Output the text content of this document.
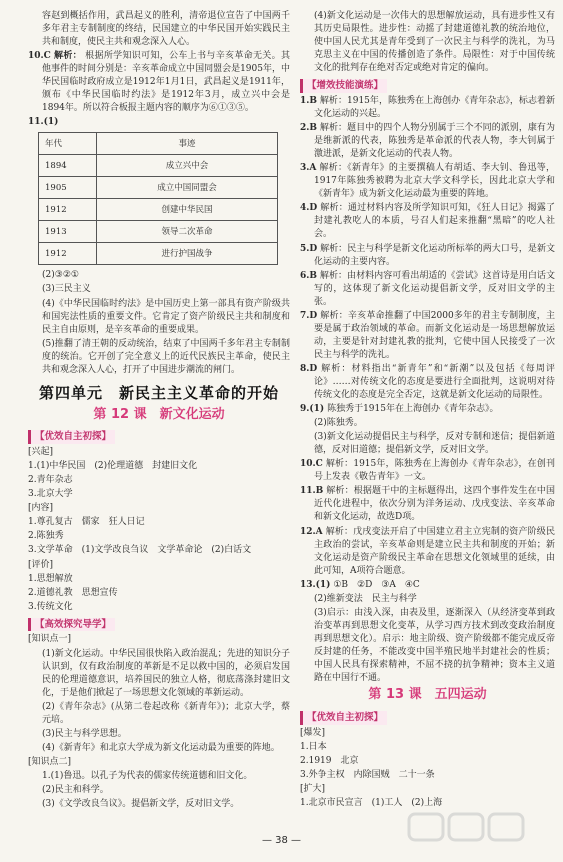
容赵到概括作用，武昌起义的胜利，清帝退位宣告了中国两千多年君主专制制度的终结，民国建立的中华民国开始实践民主共和制度，使民主共和观念深入人心。

10.C 解析： 根据所学知识可知，公车上书与辛亥革命无关。其他事件的时间分别是：辛亥革命成立中国同盟会是1905年，中华民国临时政府成立是1912年1月1日，武昌起义是1911年，颁布《中华民国临时约法》是1912年3月，成立兴中会是1894年。所以符合板报主题内容的顺序为⑥①③⑤。

11.(1)

年代	事迹
1894	成立兴中会
1905	成立中国同盟会
1912	创建中华民国
1913	领导二次革命
1912	进行护国战争

(2)③②①

(3)三民主义

(4)《中华民国临时约法》是中国历史上第一部具有资产阶级共和国宪法性质的重要文件。它肯定了资产阶级民主共和制度和民主自由原则，是辛亥革命的重要成果。

(5)推翻了清王朝的反动统治，结束了中国两千多年君主专制制度的统治。它开创了完全意义上的近代民族民主革命，使民主共和观念深入人心，打开了中国进步潮流的闸门。

第四单元　新民主主义革命的开始
第 12 课　新文化运动
【优效自主初探】

[兴起]

1.(1)中华民国　(2)伦理道德　封建旧文化

2.青年杂志

3.北京大学

[内容]

1.尊孔复古　儒家　狂人日记

2.陈独秀

3.文学革命　(1)文学改良刍议　文学革命论　(2)白话文

[评价]

1.思想解放

2.道德礼教　思想宣传

3.传统文化

【高效探究导学】

[知识点一]

(1)新文化运动。中华民国很快陷入政治混乱；先进的知识分子认识到，仅有政治制度的革新是不足以救中国的，必须启发国民的伦理道德意识，培养国民的独立人格，彻底荡涤封建旧文化，于是他们掀起了一场思想文化领域的革新运动。

(2)《青年杂志》(从第二卷起改称《新青年》)；北京大学，蔡元培。

(3)民主与科学思想。

(4)《新青年》和北京大学成为新文化运动最为重要的阵地。

[知识点二]

1.(1)鲁迅。以孔子为代表的儒家传统道德和旧文化。

(2)民主和科学。

(3)《文学改良刍议》。提倡新文学，反对旧文学。

(4)新文化运动是一次伟大的思想解放运动，具有进步性又有其历史局限性。进步性：动摇了封建道德礼教的统治地位，使中国人民尤其是青年受到了一次民主与科学的洗礼，为马克思主义在中国的传播创造了条件。局限性：对于中国传统文化的批判存在绝对否定或绝对肯定的偏向。

【增效技能演练】

1.B 解析：1915年，陈独秀在上海创办《青年杂志》，标志着新文化运动的兴起。

2.B 解析：题目中的四个人物分别属于三个不同的派别，康有为是维新派的代表，陈独秀是革命派的代表人物，李大钊属于激进派，是新文化运动的代表人物。

3.A 解析：《新青年》的主要撰稿人有胡适、李大钊、鲁迅等，1917年陈独秀被聘为北京大学文科学长，因此北京大学和《新青年》成为新文化运动最为重要的阵地。

4.D 解析：通过材料内容及所学知识可知，《狂人日记》揭露了封建礼教吃人的本质，号召人们起来推翻“黑暗”的吃人社会。

5.D 解析：民主与科学是新文化运动所标举的两大口号，是新文化运动的主要内容。

6.B 解析：由材料内容可看出胡适的《尝试》这首诗是用白话文写的，这体现了新文化运动提倡新文学，反对旧文学的主张。

7.D 解析：辛亥革命推翻了中国2000多年的君主专制制度，主要是属于政治领域的革命。而新文化运动是一场思想解放运动，主要是针对封建礼教的批判，它使中国人民接受了一次民主与科学的洗礼。

8.D 解析：材料指出“新青年”和“新潮”以及包括《每周评论》……对传统文化的态度是要进行全面批判，这说明对待传统文化的态度是完全否定，这就是新文化运动的局限性。

9.(1) 陈独秀于1915年在上海创办《青年杂志》。

(2)陈独秀。

(3)新文化运动提倡民主与科学，反对专制和迷信；提倡新道德，反对旧道德；提倡新文学，反对旧文学。

10.C 解析：1915年，陈独秀在上海创办《青年杂志》，在创刊号上发表《敬告青年》一文。

11.B 解析：根据题干中的主标题得出，这四个事件发生在中国近代化进程中，依次分别为洋务运动、戊戌变法、辛亥革命和新文化运动，故选D项。

12.A 解析：戊戌变法开启了中国建立君主立宪制的资产阶级民主政治的尝试，辛亥革命则是建立民主共和制度的开始；新文化运动是资产阶级民主革命在思想文化领域里的延续，由此可知，A项符合题意。

13.(1) ①B　②D　③A　④C

(2)维新变法　民主与科学

(3)启示：由浅入深，由表及里，逐渐深入（从经济变革到政治变革再到思想文化变革，从学习西方技术到改变政治制度再到思想文化）。启示：地主阶级、资产阶级都不能完成反帝反封建的任务，不能改变中国半殖民地半封建社会的性质；中国人民具有探索精神，不屈不挠的抗争精神；资本主义道路在中国行不通。

第 13 课　五四运动
【优效自主初探】

[爆发]

1.日本

2.1919　北京

3.外争主权　内除国贼　二十一条

[扩大]

1.北京市民宣言　(1)工人　(2)上海

— 38 —
